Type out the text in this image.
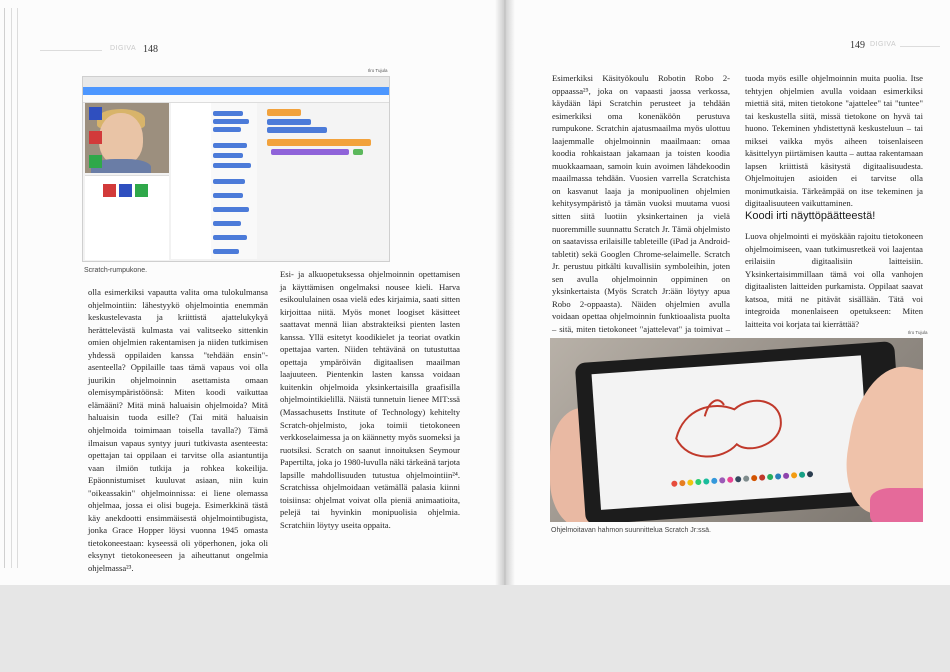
DIGIVA 148
Ilro Tujula
Scratch-rumpukone.

olla esimerkiksi vapautta valita oma tulokulmansa ohjelmointiin: lähestyykö ohjelmointia enemmän keskustelevasta ja kriittistä ajattelukykyä herättelevästä kulmasta vai valitseeko sittenkin omien ohjelmien rakentamisen ja niiden tutkimisen yhdessä oppilaiden kanssa "tehdään ensin"-asenteella? Oppilaille taas tämä vapaus voi olla juurikin ohjelmoinnin asettamista omaan olemisympäristöönsä: Miten koodi vaikuttaa elämääni? Mitä minä haluaisin ohjelmoida? Mitä haluaisin tuoda esille? (Tai mitä haluaisin ohjelmoida toimimaan toisella tavalla?) Tämä ilmaisun vapaus syntyy juuri tutkivasta asenteesta: opettajan tai oppilaan ei tarvitse olla asiantuntija vaan ilmiön tutkija ja rohkea kokeilija. Epäonnistumiset kuuluvat asiaan, niin kuin "oikeassakin" ohjelmoinnissa: ei liene olemassa ohjelmaa, jossa ei olisi bugeja. Esimerkkinä tästä käy anekdootti ensimmäisestä ohjelmointibugista, jonka Grace Hopper löysi vuonna 1945 omasta tietokoneestaan: kyseessä oli yöperhonen, joka oli eksynyt tietokoneeseen ja aiheuttanut ongelmia ohjelmassa²³.

Esi- ja alkuopetuksessa ohjelmoinnin opettamisen ja käyttämisen ongelmaksi nousee kieli. Harva esikoululainen osaa vielä edes kirjaimia, saati sitten kirjoittaa niitä. Myös monet loogiset käsitteet saattavat mennä liian abstrakteiksi pienten lasten kanssa. Yllä esitetyt koodikielet ja teoriat ovatkin opettajaa varten. Niiden tehtävänä on tutustuttaa opettaja ympäröivän digitaalisen maailman laajuuteen. Pientenkin lasten kanssa voidaan kuitenkin ohjelmoida yksinkertaisilla graafisilla ohjelmointikielillä. Näistä tunnetuin lienee MIT:ssä (Massachusetts Institute of Technology) kehitelty Scratch-ohjelmisto, joka toimii tietokoneen verkkoselaimessa ja on käännetty myös suomeksi ja ruotsiksi. Scratch on saanut innoituksen Seymour Papertilta, joka jo 1980-luvulla näki tärkeänä tarjota lapsille mahdollisuuden tutustua ohjelmointiin²⁴. Scratchissa ohjelmoidaan vetämällä palasia kiinni toisiinsa: ohjelmat voivat olla pieniä animaatioita, pelejä tai hyvinkin monipuolisia ohjelmia. Scratchiin löytyy useita oppaita.

149 DIGIVA

Esimerkiksi Käsityökoulu Robotin Robo 2-oppaassa²⁵, joka on vapaasti jaossa verkossa, käydään läpi Scratchin perusteet ja tehdään esimerkiksi oma konenäköön perustuva rumpukone. Scratchin ajatusmaailma myös ulottuu laajemmalle ohjelmoinnin maailmaan: omaa koodia rohkaistaan jakamaan ja toisten koodia muokkaamaan, samoin kuin avoimen lähdekoodin maailmassa tehdään. Vuosien varrella Scratchista on kasvanut laaja ja monipuolinen ohjelmien kehitysympäristö ja tämän vuoksi muutama vuosi sitten siitä luotiin yksinkertainen ja vielä nuoremmille suunnattu Scratch Jr. Tämä ohjelmisto on saatavissa erilaisille tableteille (iPad ja Android-tabletit) sekä Googlen Chrome-selaimelle. Scratch Jr. perustuu pitkälti kuvallisiin symboleihin, joten sen avulla ohjelmoinnin oppiminen on yksinkertaista (Myös Scratch Jr:ään löytyy apua Robo 2-oppaasta). Näiden ohjelmien avulla voidaan opettaa ohjelmoinnin funktioaalista puolta – sitä, miten tietokoneet "ajattelevat" ja toimivat –

tuoda myös esille ohjelmoinnin muita puolia. Itse tehtyjen ohjelmien avulla voidaan esimerkiksi miettiä sitä, miten tietokone "ajattelee" tai "tuntee" tai keskustella siitä, missä tietokone on hyvä tai huono. Tekeminen yhdistettynä keskusteluun – tai miksei vaikka myös aiheen toisenlaiseen käsittelyyn piirtämisen kautta – auttaa rakentamaan lapsen kriittistä käsitystä digitaalisuudesta. Ohjelmoitujen asioiden ei tarvitse olla monimutkaisia. Tärkeämpää on itse tekeminen ja digitaalisuuteen vaikuttaminen.

Koodi irti näyttöpäätteestä!

Luova ohjelmointi ei myöskään rajoitu tietokoneen ohjelmoimiseen, vaan tutkimusretkeä voi laajentaa erilaisiin digitaalisiin laitteisiin. Yksinkertaisimmillaan tämä voi olla vanhojen digitaalisten laitteiden purkamista. Oppilaat saavat katsoa, mitä ne pitävät sisällään. Tätä voi integroida monenlaiseen opetukseen: Miten laitteita voi korjata tai kierrättää?

Ilro Tujula
Ohjelmoitavan hahmon suunnittelua Scratch Jr:ssä.
